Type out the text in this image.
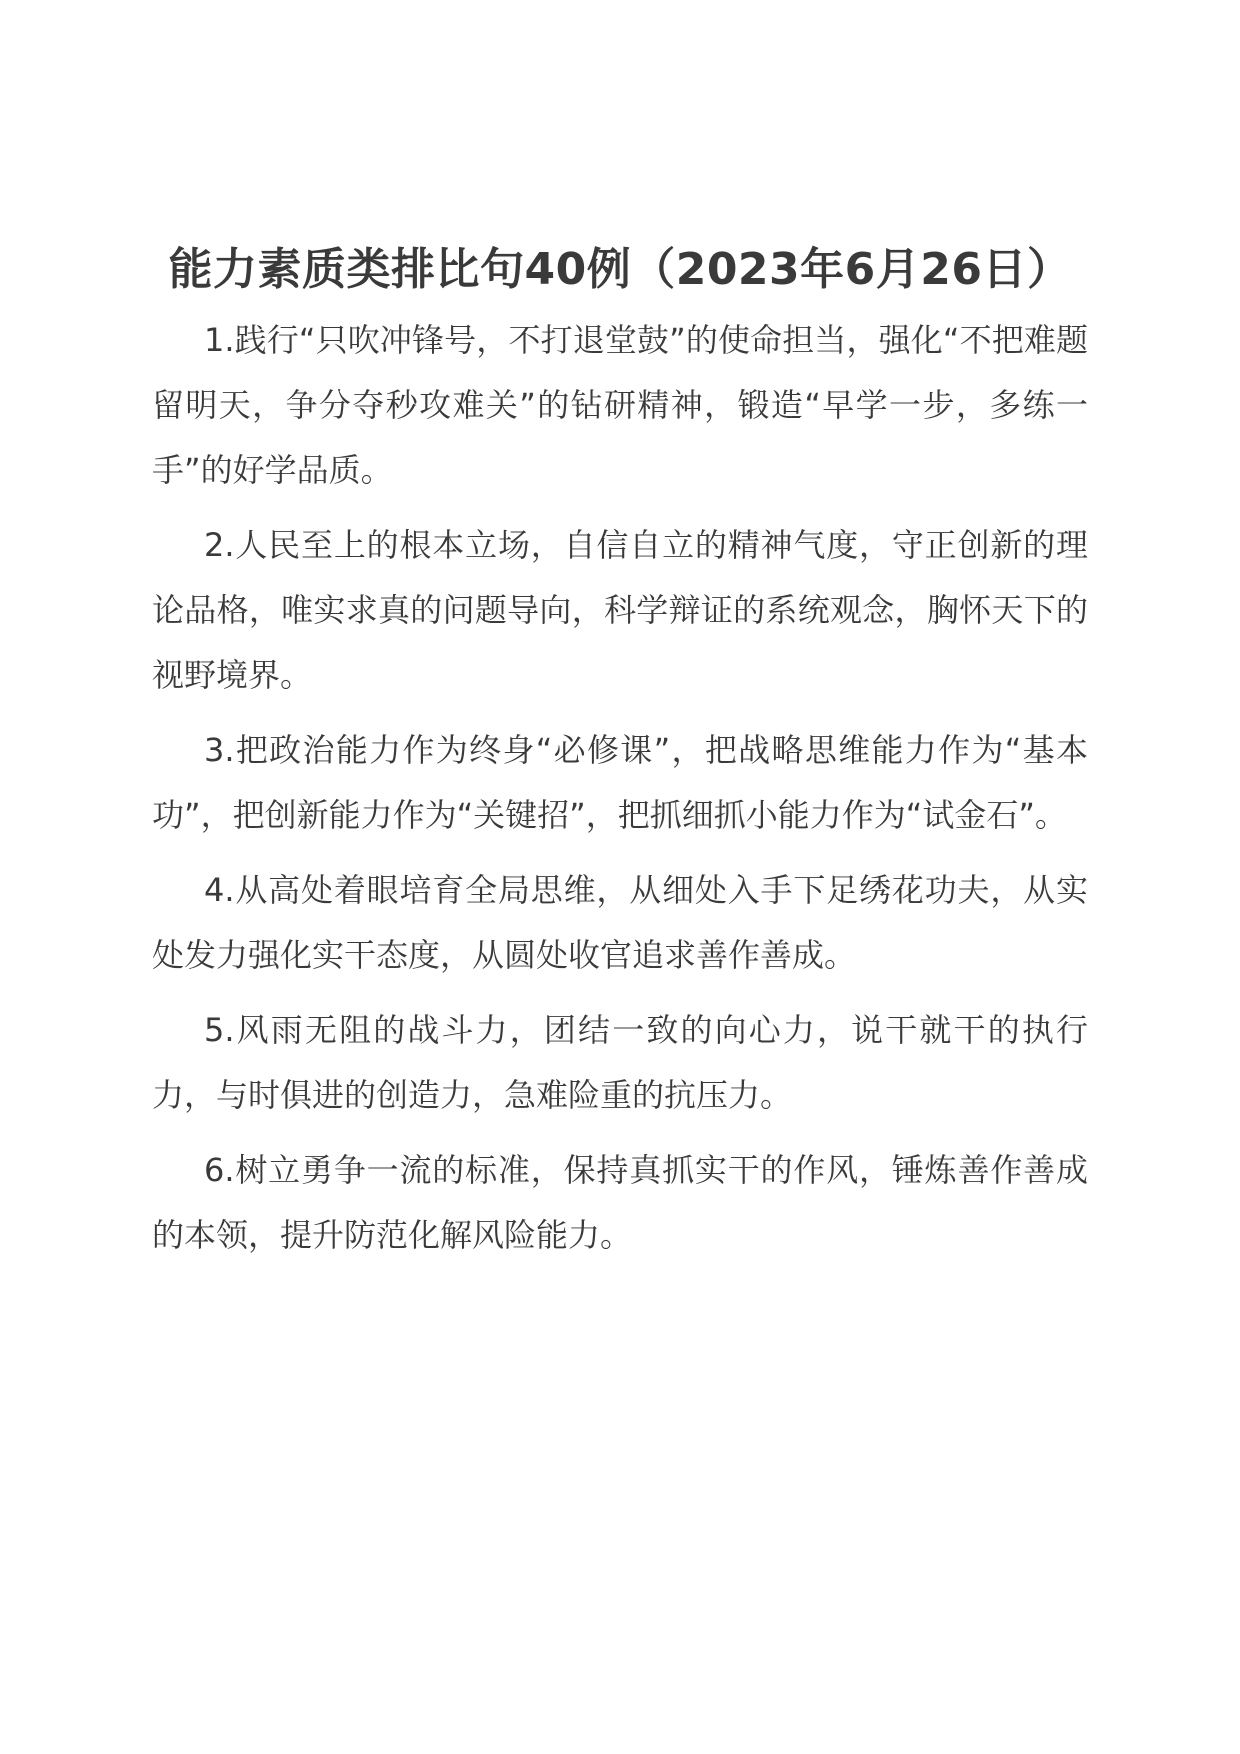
能力素质类排比句40例（2023年6月26日）

1.践行“只吹冲锋号，不打退堂鼓”的使命担当，强化“不把难题留明天，争分夺秒攻难关”的钻研精神，锻造“早学一步，多练一手”的好学品质。

2.人民至上的根本立场，自信自立的精神气度，守正创新的理论品格，唯实求真的问题导向，科学辩证的系统观念，胸怀天下的视野境界。

3.把政治能力作为终身“必修课”，把战略思维能力作为“基本功”，把创新能力作为“关键招”，把抓细抓小能力作为“试金石”。

4.从高处着眼培育全局思维，从细处入手下足绣花功夫，从实处发力强化实干态度，从圆处收官追求善作善成。

5.风雨无阻的战斗力，团结一致的向心力，说干就干的执行力，与时俱进的创造力，急难险重的抗压力。

6.树立勇争一流的标准，保持真抓实干的作风，锤炼善作善成的本领，提升防范化解风险能力。
